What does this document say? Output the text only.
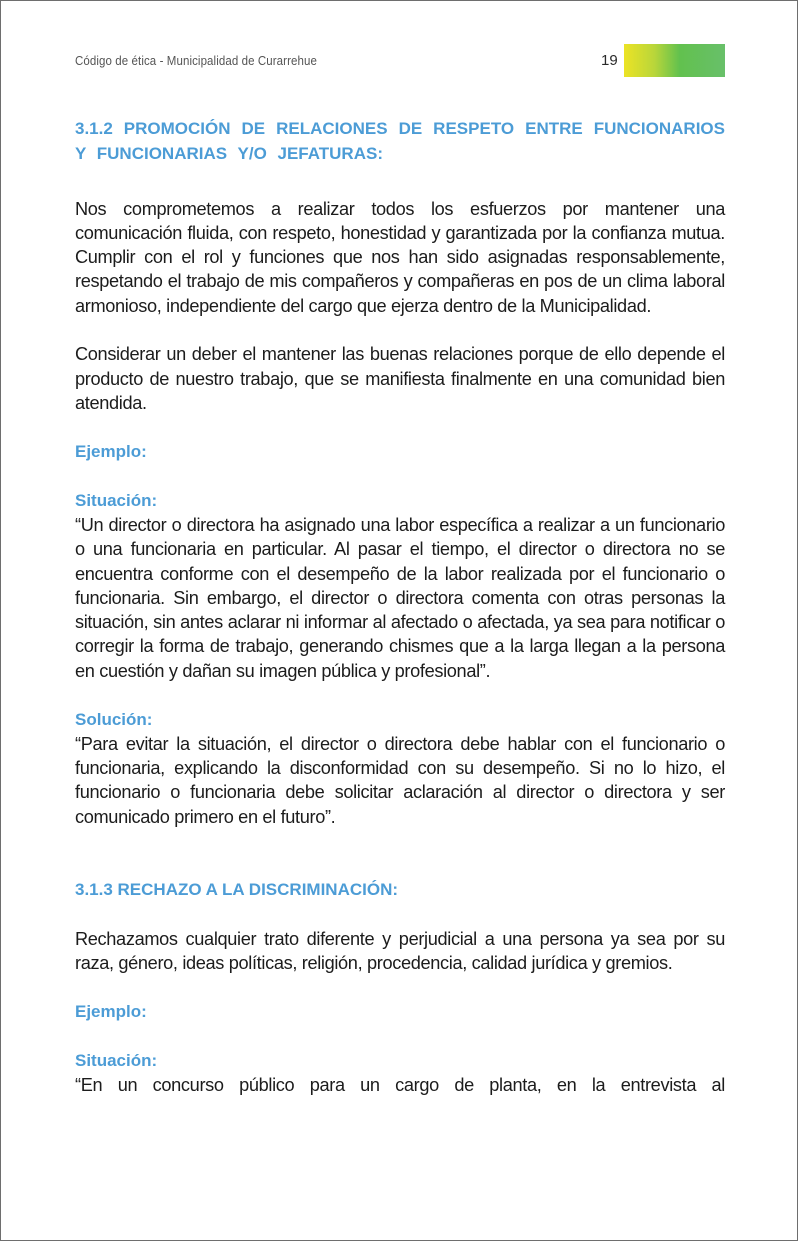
Código de ética - Municipalidad de Curarrehue	19
3.1.2 PROMOCIÓN DE RELACIONES DE RESPETO ENTRE FUNCIONARIOS Y FUNCIONARIAS Y/O JEFATURAS:

Nos comprometemos a realizar todos los esfuerzos por mantener una comunicación fluida, con respeto, honestidad y garantizada por la confianza mutua. Cumplir con el rol y funciones que nos han sido asignadas responsablemente, respetando el trabajo de mis compañeros y compañeras en pos de un clima laboral armonioso, independiente del cargo que ejerza dentro de la Municipalidad.

Considerar un deber el mantener las buenas relaciones porque de ello depende el producto de nuestro trabajo, que se manifiesta finalmente en una comunidad bien atendida.

Ejemplo:

Situación:

“Un director o directora ha asignado una labor específica a realizar a un funcionario o una funcionaria en particular. Al pasar el tiempo, el director o directora no se encuentra conforme con el desempeño de la labor realizada por el funcionario o funcionaria. Sin embargo, el director o directora comenta con otras personas la situación, sin antes aclarar ni informar al afectado o afectada, ya sea para notificar o corregir la forma de trabajo, generando chismes que a la larga llegan a la persona en cuestión y dañan su imagen pública y profesional”.

Solución:

“Para evitar la situación, el director o directora debe hablar con el funcionario o funcionaria, explicando la disconformidad con su desempeño. Si no lo hizo, el funcionario o funcionaria debe solicitar aclaración al director o directora y ser comunicado primero en el futuro”.

3.1.3 RECHAZO A LA DISCRIMINACIÓN:

Rechazamos cualquier trato diferente y perjudicial a una persona ya sea por su raza, género, ideas políticas, religión, procedencia, calidad jurídica y gremios.

Ejemplo:

Situación:

“En un concurso público para un cargo de planta, en la entrevista al
